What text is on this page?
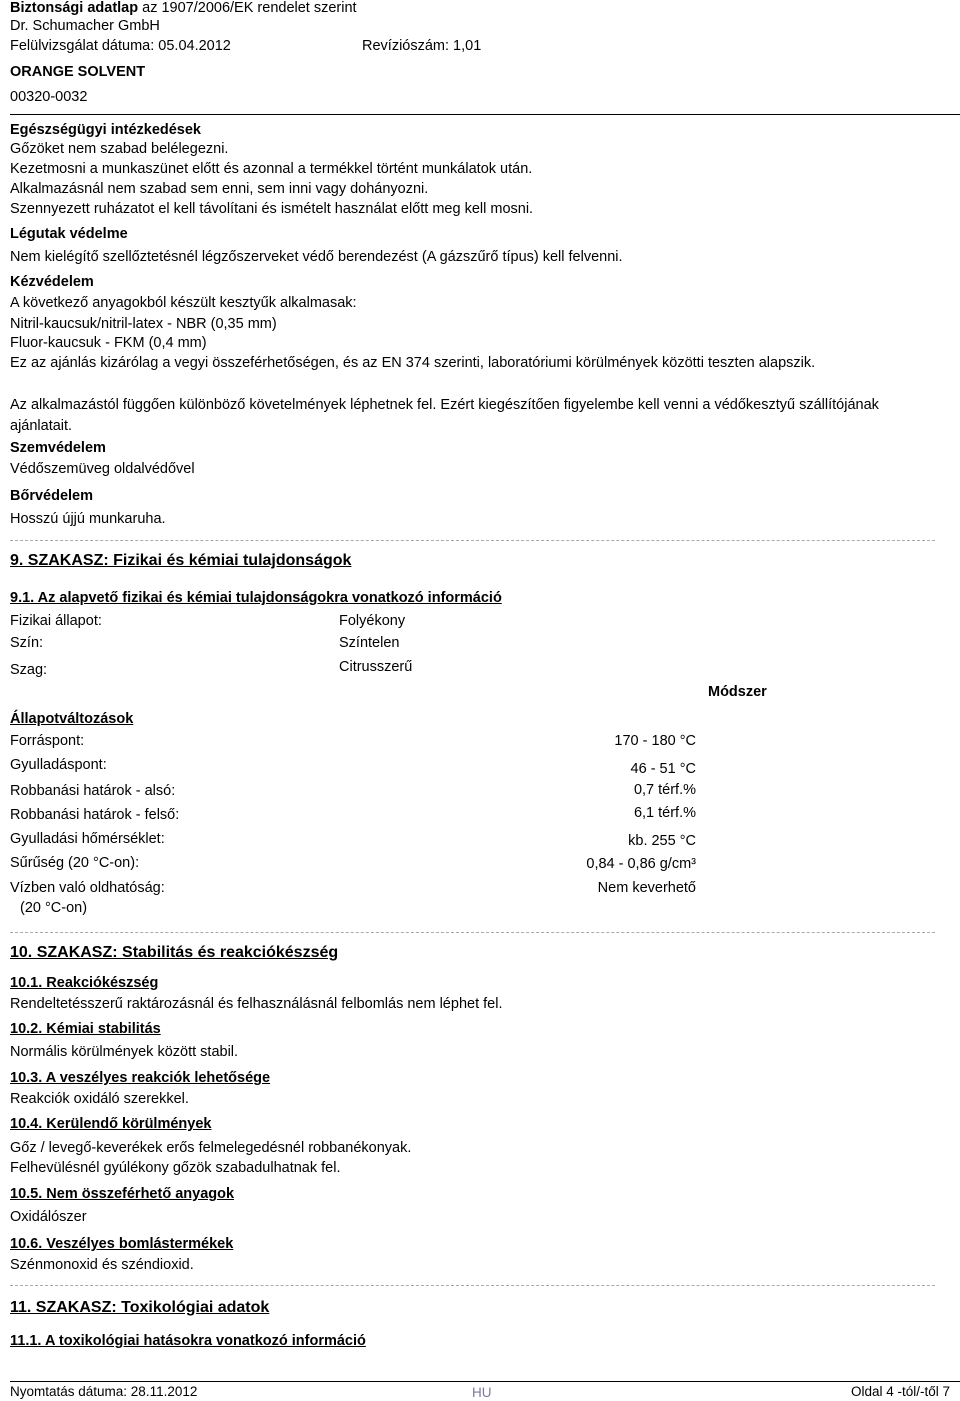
Biztonsági adatlap az 1907/2006/EK rendelet szerint
Dr. Schumacher GmbH
Felülvizsgálat dátuma: 05.04.2012	Revíziószám: 1,01
ORANGE SOLVENT
00320-0032
Egészségügyi intézkedések
Gőzöket nem szabad belélegezni.
Kezetmosni a munkaszünet előtt és azonnal a termékkel történt munkálatok után.
Alkalmazásnál nem szabad sem enni, sem inni vagy dohányozni.
Szennyezett ruházatot el kell távolítani és ismételt használat előtt meg kell mosni.
Légutak védelme
Nem kielégítő szellőztetésnél légzőszerveket védő berendezést (A gázszűrő típus) kell felvenni.
Kézvédelem
A következő anyagokból készült kesztyűk alkalmasak:
Nitril-kaucsuk/nitril-latex - NBR (0,35 mm)
Fluor-kaucsuk - FKM (0,4 mm)
Ez az ajánlás kizárólag a vegyi összeférhetőségen, és az EN 374 szerinti, laboratóriumi körülmények közötti teszten alapszik.
Az alkalmazástól függően különböző követelmények léphetnek fel. Ezért kiegészítően figyelembe kell venni a védőkesztyű szállítójának ajánlatait.
Szemvédelem
Védőszemüveg oldalvédővel
Bőrvédelem
Hosszú újjú munkaruha.
9. SZAKASZ: Fizikai és kémiai tulajdonságok
9.1. Az alapvető fizikai és kémiai tulajdonságokra vonatkozó információ
Fizikai állapot:	Folyékony
Szín:	Színtelen
Szag:	Citrusszerű
Módszer
Állapotváltozások
Forráspont:	170 - 180 °C
Gyulladáspont:	46 - 51 °C
Robbanási határok - alsó:	0,7 térf.%
Robbanási határok - felső:	6,1 térf.%
Gyulladási hőmérséklet:	kb. 255 °C
Sűrűség (20 °C-on):	0,84 - 0,86 g/cm³
Vízben való oldhatóság:	Nem keverhető
(20 °C-on)
10. SZAKASZ: Stabilitás és reakciókészség
10.1. Reakciókészség
Rendeltetésszerű raktározásnál és felhasználásnál felbomlás nem léphet fel.
10.2. Kémiai stabilitás
Normális körülmények között stabil.
10.3. A veszélyes reakciók lehetősége
Reakciók oxidáló szerekkel.
10.4. Kerülendő körülmények
Gőz / levegő-keverékek erős felmelegedésnél robbanékonyak.
Felhevülésnél gyúlékony gőzök szabadulhatnak fel.
10.5. Nem összeférhető anyagok
Oxidálószer
10.6. Veszélyes bomlástermékek
Szénmonoxid és széndioxid.
11. SZAKASZ: Toxikológiai adatok
11.1. A toxikológiai hatásokra vonatkozó információ
Nyomtatás dátuma: 28.11.2012	HU	Oldal 4 -tól/-től 7
